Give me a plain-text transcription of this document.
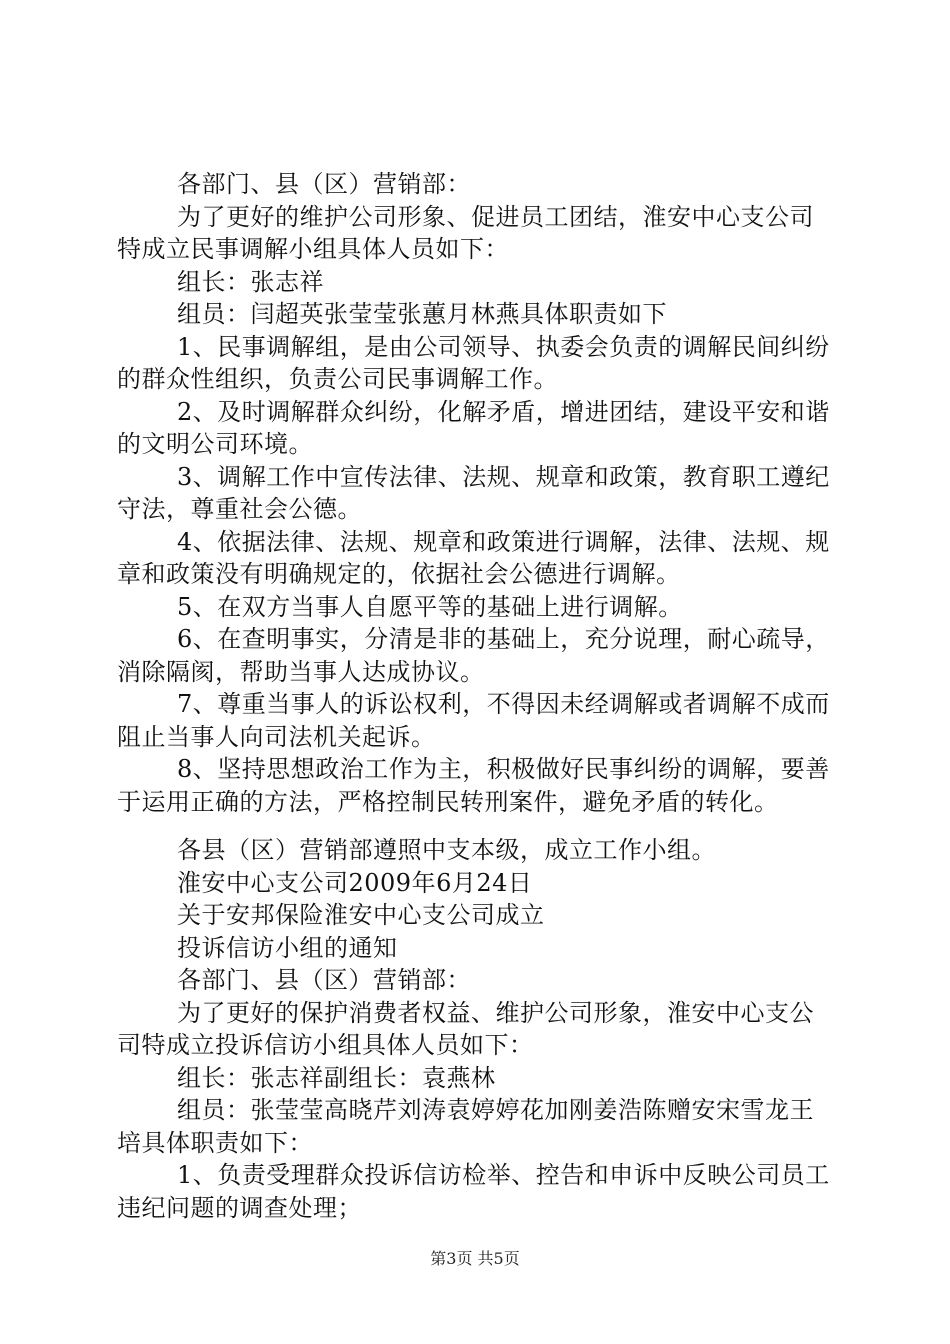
各部门、县（区）营销部：

为了更好的维护公司形象、促进员工团结，淮安中心支公司特成立民事调解小组具体人员如下：

组长：张志祥

组员：闫超英张莹莹张蕙月林燕具体职责如下

1、民事调解组，是由公司领导、执委会负责的调解民间纠纷的群众性组织，负责公司民事调解工作。

2、及时调解群众纠纷，化解矛盾，增进团结，建设平安和谐的文明公司环境。

3、调解工作中宣传法律、法规、规章和政策，教育职工遵纪守法，尊重社会公德。

4、依据法律、法规、规章和政策进行调解，法律、法规、规章和政策没有明确规定的，依据社会公德进行调解。

5、在双方当事人自愿平等的基础上进行调解。

6、在查明事实，分清是非的基础上，充分说理，耐心疏导，消除隔阂，帮助当事人达成协议。

7、尊重当事人的诉讼权利，不得因未经调解或者调解不成而阻止当事人向司法机关起诉。

8、坚持思想政治工作为主，积极做好民事纠纷的调解，要善于运用正确的方法，严格控制民转刑案件，避免矛盾的转化。

各县（区）营销部遵照中支本级，成立工作小组。

淮安中心支公司2009年6月24日

关于安邦保险淮安中心支公司成立

投诉信访小组的通知

各部门、县（区）营销部：

为了更好的保护消费者权益、维护公司形象，淮安中心支公司特成立投诉信访小组具体人员如下：

组长：张志祥副组长：袁燕林

组员：张莹莹高晓芹刘涛袁婷婷花加刚姜浩陈赠安宋雪龙王培具体职责如下：

1、负责受理群众投诉信访检举、控告和申诉中反映公司员工违纪问题的调查处理；

第3页 共5页
